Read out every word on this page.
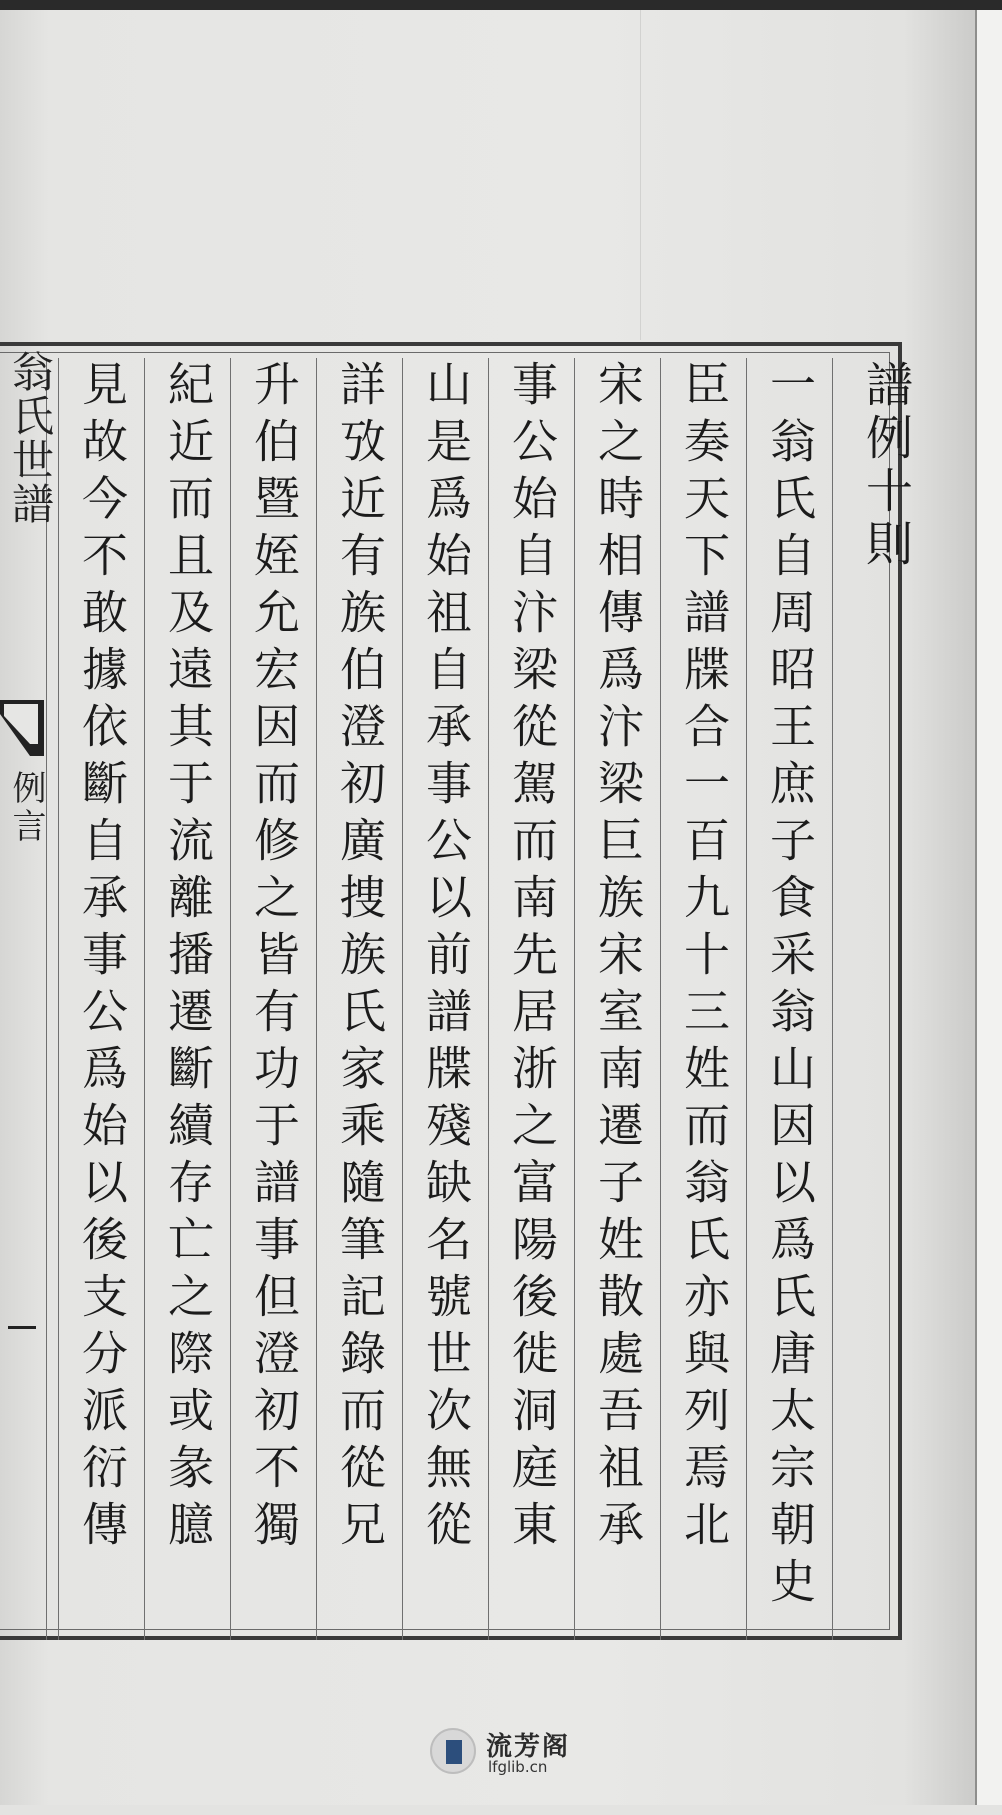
譜例十則
一翁氏自周昭王庶子食采翁山因以爲氏唐太宗朝史
臣奏天下譜牒合一百九十三姓而翁氏亦與列焉北
宋之時相傳爲汴梁巨族宋室南遷子姓散處吾祖承
事公始自汴梁從駕而南先居浙之富陽後徙洞庭東
山是爲始祖自承事公以前譜牒殘缺名號世次無從
詳攷近有族伯澄初廣捜族氏家乘隨筆記錄而從兄
升伯暨姪允宏因而修之皆有功于譜事但澄初不獨
紀近而且及遠其于流離播遷斷續存亡之際或彖臆
見故今不敢據依斷自承事公爲始以後支分派衍傳
翁氏世譜
例言
流芳阁
lfglib.cn
